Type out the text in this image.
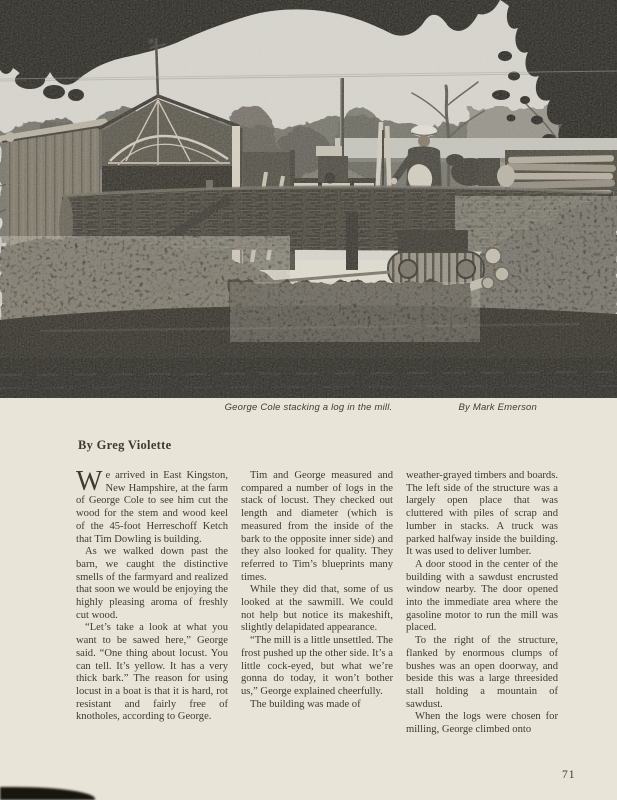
George Cole stacking a log in the mill.	By Mark Emerson
By Greg Violette

We arrived in East Kingston, New Hampshire, at the farm of George Cole to see him cut the wood for the stem and wood keel of the 45-foot Herreschoff Ketch that Tim Dowling is building.

As we walked down past the barn, we caught the distinctive smells of the farmyard and realized that soon we would be enjoying the highly pleasing aroma of freshly cut wood.

“Let’s take a look at what you want to be sawed here,” George said. “One thing about locust. You can tell. It’s yellow. It has a very thick bark.” The reason for using locust in a boat is that it is hard, rot resistant and fairly free of knotholes, according to George.

Tim and George measured and compared a number of logs in the stack of locust. They checked out length and diameter (which is measured from the inside of the bark to the opposite inner side) and they also looked for quality. They referred to Tim’s blueprints many times.

While they did that, some of us looked at the sawmill. We could not help but notice its makeshift, slightly delapidated appearance.

“The mill is a little unsettled. The frost pushed up the other side. It’s a little cock-eyed, but what we’re gonna do today, it won’t bother us,” George explained cheerfully.

The building was made of

weather-grayed timbers and boards. The left side of the structure was a largely open place that was cluttered with piles of scrap and lumber in stacks. A truck was parked halfway inside the building. It was used to deliver lumber.

A door stood in the center of the building with a sawdust encrusted window nearby. The door opened into the immediate area where the gasoline motor to run the mill was placed.

To the right of the structure, flanked by enormous clumps of bushes was an open doorway, and beside this was a large threesided stall holding a mountain of sawdust.

When the logs were chosen for milling, George climbed onto

71
